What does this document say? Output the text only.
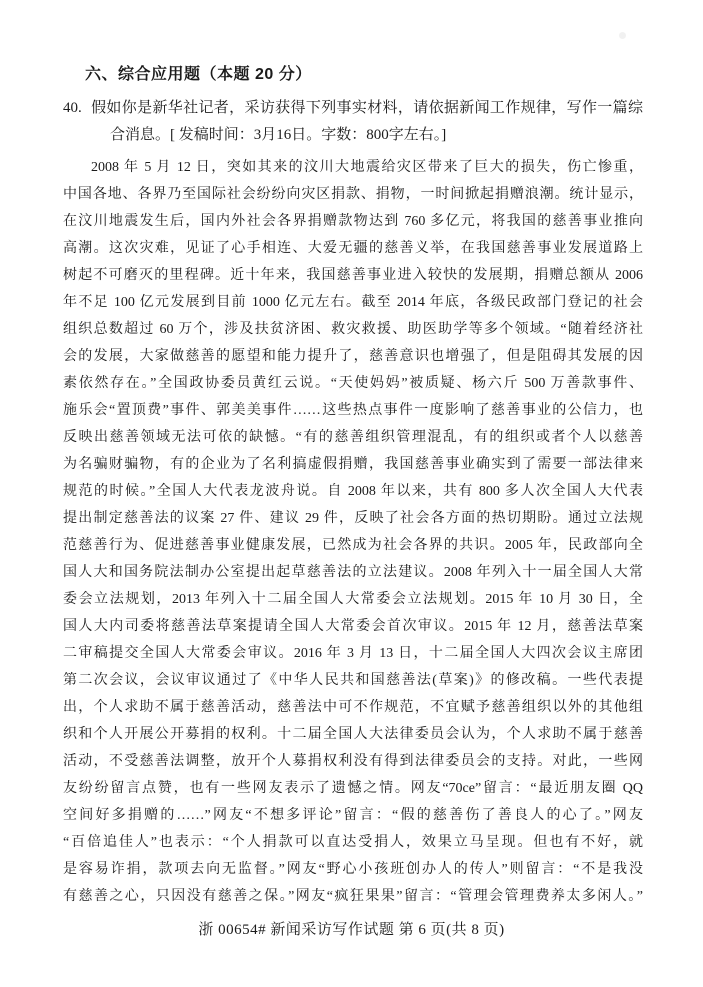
六、综合应用题（本题 20 分）
40. 假如你是新华社记者，采访获得下列事实材料，请依据新闻工作规律，写作一篇综
合消息。[ 发稿时间：3月16日。字数：800字左右。]
2008 年 5 月 12 日，突如其来的汶川大地震给灾区带来了巨大的损失，伤亡惨重，
中国各地、各界乃至国际社会纷纷向灾区捐款、捐物，一时间掀起捐赠浪潮。统计显示，
在汶川地震发生后，国内外社会各界捐赠款物达到 760 多亿元，将我国的慈善事业推向
高潮。这次灾难，见证了心手相连、大爱无疆的慈善义举，在我国慈善事业发展道路上
树起不可磨灭的里程碑。近十年来，我国慈善事业进入较快的发展期，捐赠总额从 2006
年不足 100 亿元发展到目前 1000 亿元左右。截至 2014 年底，各级民政部门登记的社会
组织总数超过 60 万个，涉及扶贫济困、救灾救援、助医助学等多个领域。“随着经济社
会的发展，大家做慈善的愿望和能力提升了，慈善意识也增强了，但是阻碍其发展的因
素依然存在。”全国政协委员黄红云说。“天使妈妈”被质疑、杨六斤 500 万善款事件、
施乐会“置顶费”事件、郭美美事件……这些热点事件一度影响了慈善事业的公信力，也
反映出慈善领域无法可依的缺憾。“有的慈善组织管理混乱，有的组织或者个人以慈善
为名骗财骗物，有的企业为了名利搞虚假捐赠，我国慈善事业确实到了需要一部法律来
规范的时候。”全国人大代表龙波舟说。自 2008 年以来，共有 800 多人次全国人大代表
提出制定慈善法的议案 27 件、建议 29 件，反映了社会各方面的热切期盼。通过立法规
范慈善行为、促进慈善事业健康发展，已然成为社会各界的共识。2005 年，民政部向全
国人大和国务院法制办公室提出起草慈善法的立法建议。2008 年列入十一届全国人大常
委会立法规划，2013 年列入十二届全国人大常委会立法规划。2015 年 10 月 30 日，全
国人大内司委将慈善法草案提请全国人大常委会首次审议。2015 年 12 月，慈善法草案
二审稿提交全国人大常委会审议。2016 年 3 月 13 日，十二届全国人大四次会议主席团
第二次会议，会议审议通过了《中华人民共和国慈善法(草案)》的修改稿。一些代表提
出，个人求助不属于慈善活动，慈善法中可不作规范，不宜赋予慈善组织以外的其他组
织和个人开展公开募捐的权利。十二届全国人大法律委员会认为，个人求助不属于慈善
活动，不受慈善法调整，放开个人募捐权利没有得到法律委员会的支持。对此，一些网
友纷纷留言点赞，也有一些网友表示了遗憾之情。网友“70ce”留言：“最近朋友圈 QQ
空间好多捐赠的……”网友“不想多评论”留言：“假的慈善伤了善良人的心了。”网友
“百倍追佳人”也表示：“个人捐款可以直达受捐人，效果立马呈现。但也有不好，就
是容易诈捐，款项去向无监督。”网友“野心小孩班创办人的传人”则留言：“不是我没
有慈善之心，只因没有慈善之保。”网友“疯狂果果”留言：“管理会管理费养太多闲人。”
浙 00654# 新闻采访写作试题 第 6 页(共 8 页)
